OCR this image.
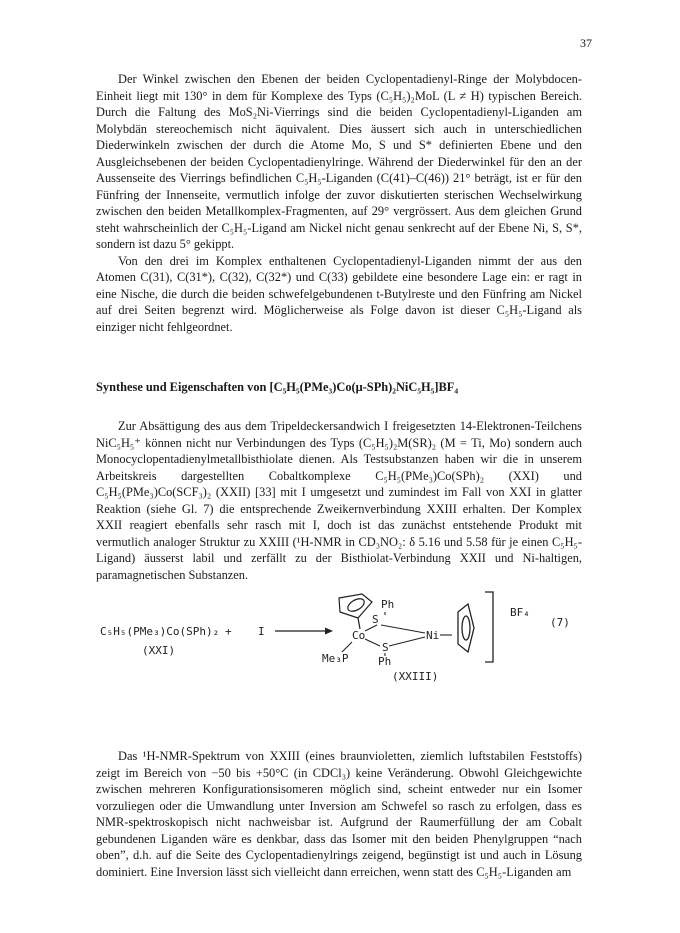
37

Der Winkel zwischen den Ebenen der beiden Cyclopentadienyl-Ringe der Molybdocen-Einheit liegt mit 130° in dem für Komplexe des Typs (C₅H₅)₂MoL (L ≠ H) typischen Bereich. Durch die Faltung des MoS₂Ni-Vierrings sind die beiden Cyclopentadienyl-Liganden am Molybdän stereochemisch nicht äquivalent. Dies äussert sich auch in unterschiedlichen Diederwinkeln zwischen der durch die Atome Mo, S und S* definierten Ebene und den Ausgleichsebenen der beiden Cyclopentadienylringe. Während der Diederwinkel für den an der Aussenseite des Vierrings befindlichen C₅H₅-Liganden (C(41)–C(46)) 21° beträgt, ist er für den Fünfring der Innenseite, vermutlich infolge der zuvor diskutierten sterischen Wechselwirkung zwischen den beiden Metallkomplex-Fragmenten, auf 29° vergrössert. Aus dem gleichen Grund steht wahrscheinlich der C₅H₅-Ligand am Nickel nicht genau senkrecht auf der Ebene Ni, S, S*, sondern ist dazu 5° gekippt.

Von den drei im Komplex enthaltenen Cyclopentadienyl-Liganden nimmt der aus den Atomen C(31), C(31*), C(32), C(32*) und C(33) gebildete eine besondere Lage ein: er ragt in eine Nische, die durch die beiden schwefelgebundenen t-Butylreste und den Fünfring am Nickel auf drei Seiten begrenzt wird. Möglicherweise als Folge davon ist dieser C₅H₅-Ligand als einziger nicht fehlgeordnet.

Synthese und Eigenschaften von [C₅H₅(PMe₃)Co(μ-SPh)₂NiC₅H₅]BF₄

Zur Absättigung des aus dem Tripeldeckersandwich I freigesetzten 14-Elektronen-Teilchens NiC₅H₅⁺ können nicht nur Verbindungen des Typs (C₅H₅)₂M(SR)₂ (M = Ti, Mo) sondern auch Monocyclopentadienylmetallbisthiolate dienen. Als Testsubstanzen haben wir die in unserem Arbeitskreis dargestellten Cobaltkomplexe C₅H₅(PMe₃)Co(SPh)₂ (XXI) und C₅H₅(PMe₃)Co(SCF₃)₂ (XXII) [33] mit I umgesetzt und zumindest im Fall von XXI in glatter Reaktion (siehe Gl. 7) die entsprechende Zweikernverbindung XXIII erhalten. Der Komplex XXII reagiert ebenfalls sehr rasch mit I, doch ist das zunächst entstehende Produkt mit vermutlich analoger Struktur zu XXIII (¹H-NMR in CD₃NO₂: δ 5.16 und 5.58 für je einen C₅H₅-Ligand) äusserst labil und zerfällt zu der Bisthiolat-Verbindung XXII und Ni-haltigen, paramagnetischen Substanzen.

C₅H₅(PMe₃)Co(SPh)₂ + I
(XXI)
(7)
BF₄
(XXIII)
Ph
S
Co	Ni
S
Ph
Me₃P

Das ¹H-NMR-Spektrum von XXIII (eines braunvioletten, ziemlich luftstabilen Feststoffs) zeigt im Bereich von −50 bis +50°C (in CDCl₃) keine Veränderung. Obwohl Gleichgewichte zwischen mehreren Konfigurationsisomeren möglich sind, scheint entweder nur ein Isomer vorzuliegen oder die Umwandlung unter Inversion am Schwefel so rasch zu erfolgen, dass es NMR-spektroskopisch nicht nachweisbar ist. Aufgrund der Raumerfüllung der am Cobalt gebundenen Liganden wäre es denkbar, dass das Isomer mit den beiden Phenylgruppen “nach oben”, d.h. auf die Seite des Cyclopentadienylrings zeigend, begünstigt ist und auch in Lösung dominiert. Eine Inversion lässt sich vielleicht dann erreichen, wenn statt des C₅H₅-Liganden am
